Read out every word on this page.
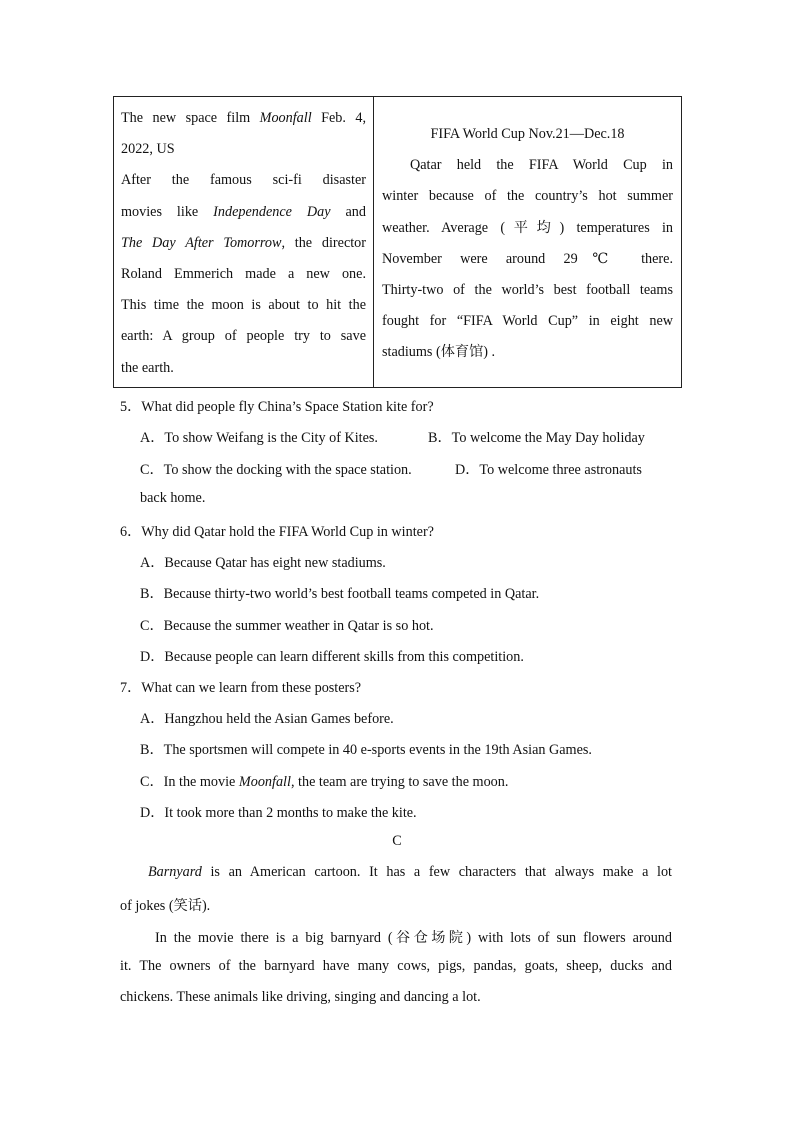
The new space film Moonfall Feb. 4,
2022, US
After the famous sci-fi disaster
movies like Independence Day and
The Day After Tomorrow, the director
Roland Emmerich made a new one.
This time the moon is about to hit the
earth: A group of people try to save
the earth.
FIFA World Cup Nov.21—Dec.18
Qatar held the FIFA World Cup in
winter because of the country’s hot summer
weather. Average (平均) temperatures in
November were around 29℃ there.
Thirty-two of the world’s best football teams
fought for “FIFA World Cup” in eight new
stadiums (体育馆) .
5．What did people fly China’s Space Station kite for?
A．To show Weifang is the City of Kites.	B．To welcome the May Day holiday
C．To show the docking with the space station.	D．To welcome three astronauts
back home.
6．Why did Qatar hold the FIFA World Cup in winter?
A．Because Qatar has eight new stadiums.
B．Because thirty-two world’s best football teams competed in Qatar.
C．Because the summer weather in Qatar is so hot.
D．Because people can learn different skills from this competition.
7．What can we learn from these posters?
A．Hangzhou held the Asian Games before.
B．The sportsmen will compete in 40 e-sports events in the 19th Asian Games.
C．In the movie Moonfall, the team are trying to save the moon.
D．It took more than 2 months to make the kite.
C
Barnyard is an American cartoon. It has a few characters that always make a lot
of jokes (笑话).
In the movie there is a big barnyard (谷仓场院) with lots of sun flowers around
it. The owners of the barnyard have many cows, pigs, pandas, goats, sheep, ducks and
chickens. These animals like driving, singing and dancing a lot.
